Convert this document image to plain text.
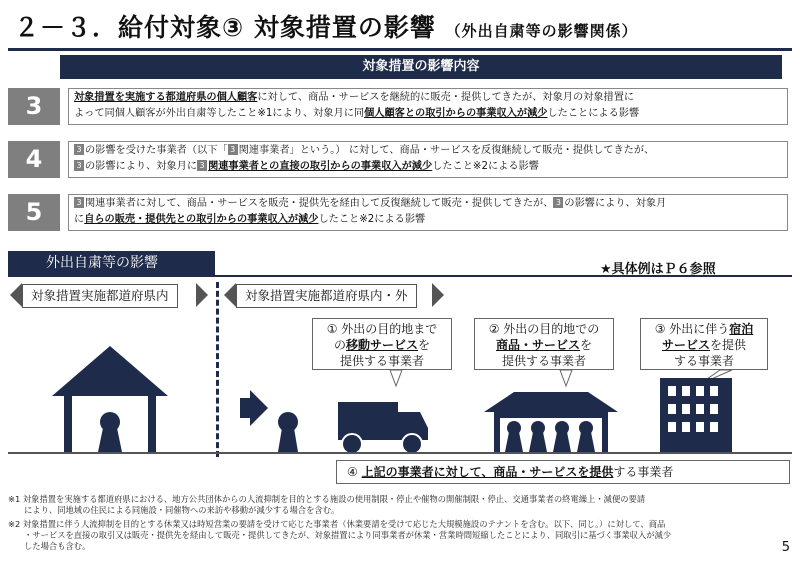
２－３．給付対象③ 対象措置の影響 （外出自粛等の影響関係）
対象措置の影響内容
3	対象措置を実施する都道府県の個人顧客に対して、商品・サービスを継続的に販売・提供してきたが、対象月の対象措置に
よって同個人顧客が外出自粛等したこと※1により、対象月に同個人顧客との取引からの事業収入が減少したことによる影響
4	3 の影響を受けた事業者（以下「 3 関連事業者」という。） に対して、商品・サービスを反復継続して販売・提供してきたが、
3 の影響により、対象月に 3 関連事業者との直接の取引からの事業収入が減少したこと※2による影響
5	3 関連事業者に対して、商品・サービスを販売・提供先を経由して反復継続して販売・提供してきたが、 3 の影響により、対象月
に自らの販売・提供先との取引からの事業収入が減少したこと※2による影響
外出自粛等の影響	★具体例はＰ６参照
対象措置実施都道府県内	対象措置実施都道府県内・外
① 外出の目的地まで
の移動サービスを
提供する事業者
② 外出の目的地での
商品・サービスを
提供する事業者
③ 外出に伴う宿泊
サービスを提供
する事業者
④ 上記の事業者に対して、商品・サービスを提供する事業者
※1 対象措置を実施する都道府県における、地方公共団体からの人流抑制を目的とする施設の使用制限・停止や催物の開催制限・停止、交通事業者の終電繰上・減便の要請
により、同地域の住民による同施設・同催物への来訪や移動が減少する場合を含む。
※2 対象措置に伴う人流抑制を目的とする休業又は時短営業の要請を受けて応じた事業者（休業要請を受けて応じた大規模施設のテナントを含む。以下、同じ。）に対して、商品
・サービスを直接の取引又は販売・提供先を経由して販売・提供してきたが、対象措置により同事業者が休業・営業時間短縮したことにより、同取引に基づく事業収入が減少
した場合も含む。	5
